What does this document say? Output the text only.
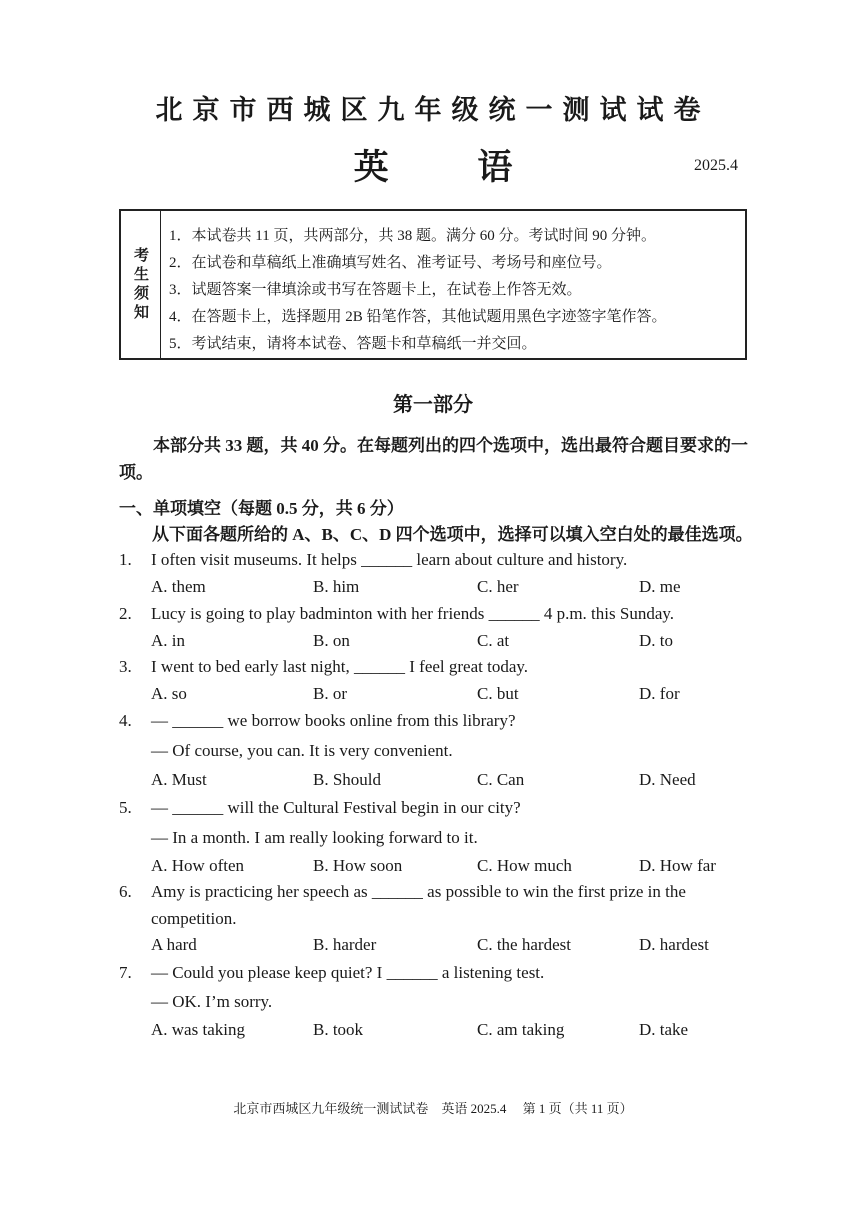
北京市西城区九年级统一测试试卷
英 语	2025.4
考生须知
1．本试卷共 11 页，共两部分，共 38 题。满分 60 分。考试时间 90 分钟。
2．在试卷和草稿纸上准确填写姓名、准考证号、考场号和座位号。
3．试题答案一律填涂或书写在答题卡上，在试卷上作答无效。
4．在答题卡上，选择题用 2B 铅笔作答，其他试题用黑色字迹签字笔作答。
5．考试结束，请将本试卷、答题卡和草稿纸一并交回。
第一部分
本部分共 33 题，共 40 分。在每题列出的四个选项中，选出最符合题目要求的一项。
一、单项填空（每题 0.5 分，共 6 分）
从下面各题所给的 A、B、C、D 四个选项中，选择可以填入空白处的最佳选项。
1. I often visit museums. It helps ______ learn about culture and history.
A. them	B. him	C. her	D. me
2. Lucy is going to play badminton with her friends ______ 4 p.m. this Sunday.
A. in	B. on	C. at	D. to
3. I went to bed early last night, ______ I feel great today.
A. so	B. or	C. but	D. for
4. — ______ we borrow books online from this library?
— Of course, you can. It is very convenient.
A. Must	B. Should	C. Can	D. Need
5. — ______ will the Cultural Festival begin in our city?
— In a month. I am really looking forward to it.
A. How often	B. How soon	C. How much	D. How far
6. Amy is practicing her speech as ______ as possible to win the first prize in the
competition.
A hard	B. harder	C. the hardest	D. hardest
7. — Could you please keep quiet? I ______ a listening test.
— OK. I’m sorry.
A. was taking	B. took	C. am taking	D. take
北京市西城区九年级统一测试试卷　英语 2025.4　 第 1 页（共 11 页）
